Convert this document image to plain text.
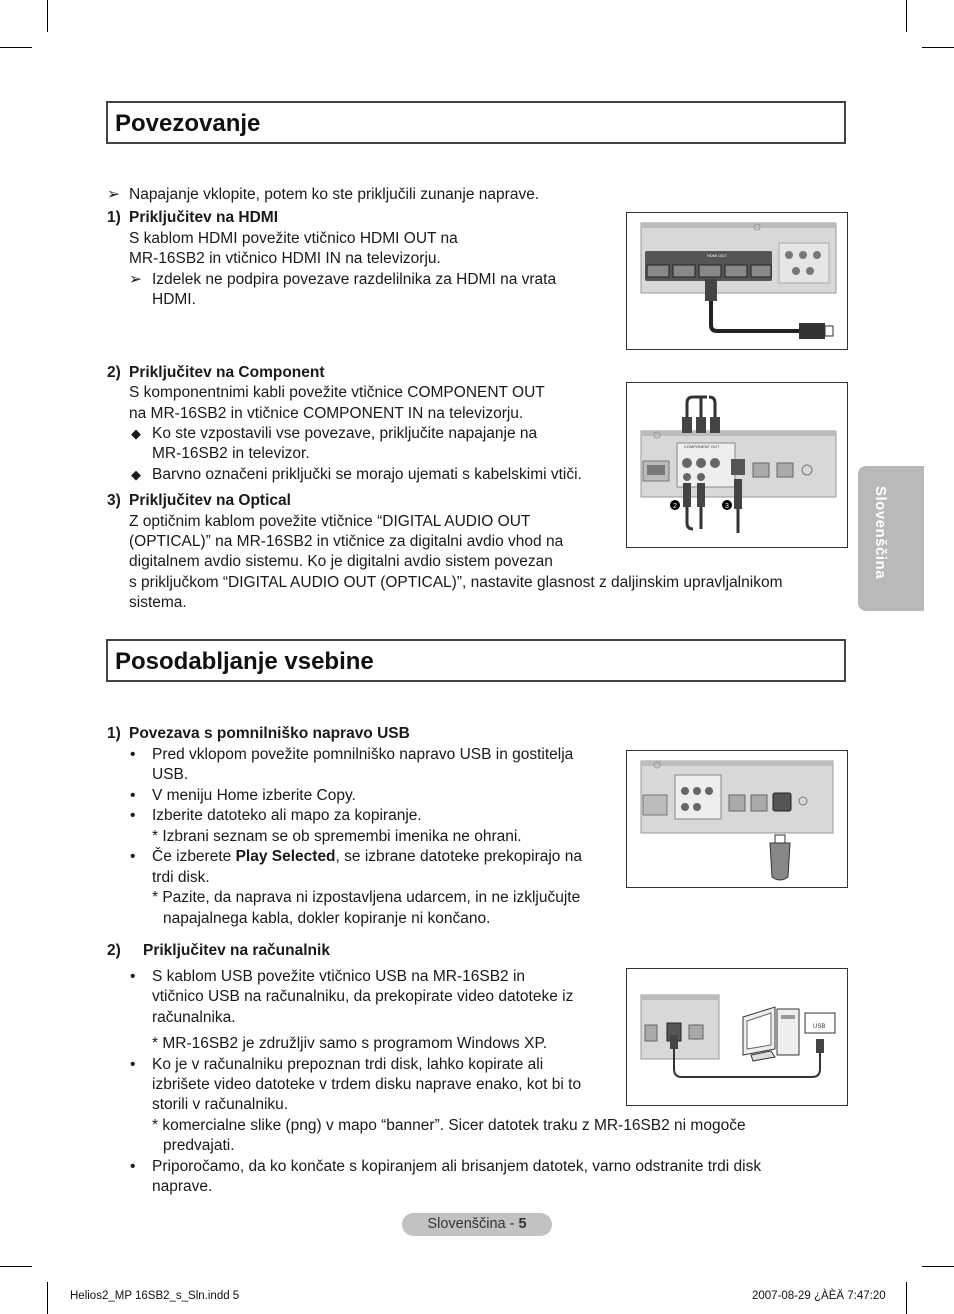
Povezovanje
➢ Napajanje vklopite, potem ko ste priključili zunanje naprave.
1) Priključitev na HDMI
S kablom HDMI povežite vtičnico HDMI OUT na
MR-16SB2 in vtičnico HDMI IN na televizorju.
➢ Izdelek ne podpira povezave razdelilnika za HDMI na vrata
HDMI.
HDMI OUT
2) Priključitev na Component
S komponentnimi kabli povežite vtičnice COMPONENT OUT
na MR-16SB2 in vtičnice COMPONENT IN na televizorju.
◆ Ko ste vzpostavili vse povezave, priključite napajanje na
MR-16SB2 in televizor.
◆ Barvno označeni priključki se morajo ujemati s kabelskimi vtiči.
COMPONENT OUT
2	3
3) Priključitev na Optical
Z optičnim kablom povežite vtičnice “DIGITAL AUDIO OUT
(OPTICAL)” na MR-16SB2 in vtičnice za digitalni avdio vhod na
digitalnem avdio sistemu. Ko je digitalni avdio sistem povezan
s priključkom “DIGITAL AUDIO OUT (OPTICAL)”, nastavite glasnost z daljinskim upravljalnikom
sistema.
Slovenščina
Posodabljanje vsebine
1) Povezava s pomnilniško napravo USB
• Pred vklopom povežite pomnilniško napravo USB in gostitelja
USB.
• V meniju Home izberite Copy.
• Izberite datoteko ali mapo za kopiranje.
* Izbrani seznam se ob spremembi imenika ne ohrani.
• Če izberete Play Selected, se izbrane datoteke prekopirajo na
trdi disk.
* Pazite, da naprava ni izpostavljena udarcem, in ne izklјučujte
napajalnega kabla, dokler kopiranje ni končano.
2) Priključitev na računalnik
• S kablom USB povežite vtičnico USB na MR-16SB2 in
vtičnico USB na računalniku, da prekopirate video datoteke iz
računalnika.
* MR-16SB2 je združljiv samo s programom Windows XP.
• Ko je v računalniku prepoznan trdi disk, lahko kopirate ali
izbrišete video datoteke v trdem disku naprave enako, kot bi to
storili v računalniku.
* komercialne slike (png) v mapo “banner”. Sicer datotek traku z MR-16SB2 ni mogoče
predvajati.
• Priporočamo, da ko končate s kopiranjem ali brisanjem datotek, varno odstranite trdi disk
naprave.
USB
Slovenščina - 5
Helios2_MP 16SB2_s_Sln.indd 5	2007-08-29 ¿ÀÈÄ 7:47:20
